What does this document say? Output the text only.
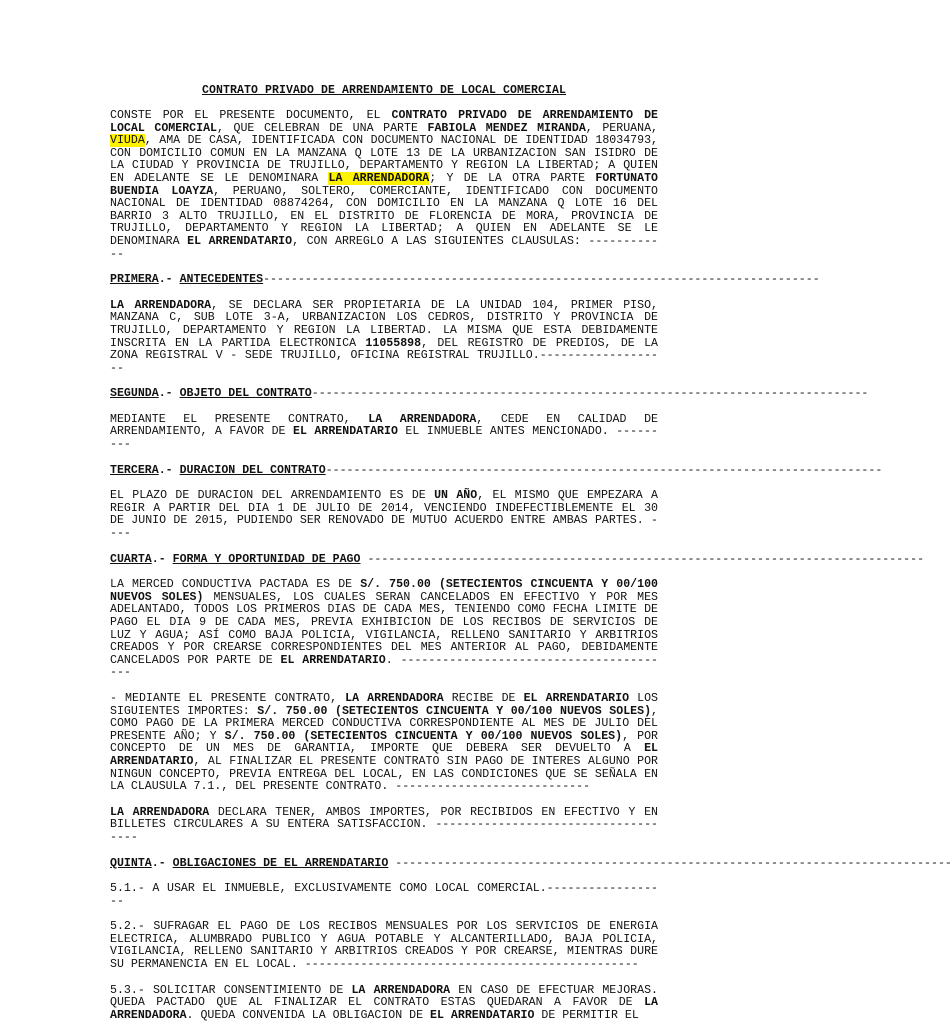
CONTRATO PRIVADO DE ARRENDAMIENTO DE LOCAL COMERCIAL
CONSTE POR EL PRESENTE DOCUMENTO, EL CONTRATO PRIVADO DE ARRENDAMIENTO DE LOCAL COMERCIAL, QUE CELEBRAN DE UNA PARTE FABIOLA MENDEZ MIRANDA, PERUANA, VIUDA, AMA DE CASA, IDENTIFICADA CON DOCUMENTO NACIONAL DE IDENTIDAD 18034793, CON DOMICILIO COMUN EN LA MANZANA Q LOTE 13 DE LA URBANIZACION SAN ISIDRO DE LA CIUDAD Y PROVINCIA DE TRUJILLO, DEPARTAMENTO Y REGION LA LIBERTAD; A QUIEN EN ADELANTE SE LE DENOMINARA LA ARRENDADORA; Y DE LA OTRA PARTE FORTUNATO BUENDIA LOAYZA, PERUANO, SOLTERO, COMERCIANTE, IDENTIFICADO CON DOCUMENTO NACIONAL DE IDENTIDAD 08874264, CON DOMICILIO EN LA MANZANA Q LOTE 16 DEL BARRIO 3 ALTO TRUJILLO, EN EL DISTRITO DE FLORENCIA DE MORA, PROVINCIA DE TRUJILLO, DEPARTAMENTO Y REGION LA LIBERTAD; A QUIEN EN ADELANTE SE LE DENOMINARA EL ARRENDATARIO, CON ARREGLO A LAS SIGUIENTES CLAUSULAS: ------------
PRIMERA.- ANTECEDENTES--------------------------------------------------------------------------------
LA ARRENDADORA, SE DECLARA SER PROPIETARIA DE LA UNIDAD 104, PRIMER PISO, MANZANA C, SUB LOTE 3-A, URBANIZACION LOS CEDROS, DISTRITO Y PROVINCIA DE TRUJILLO, DEPARTAMENTO Y REGION LA LIBERTAD. LA MISMA QUE ESTA DEBIDAMENTE INSCRITA EN LA PARTIDA ELECTRONICA 11055898, DEL REGISTRO DE PREDIOS, DE LA ZONA REGISTRAL V - SEDE TRUJILLO, OFICINA REGISTRAL TRUJILLO.-------------------
SEGUNDA.- OBJETO DEL CONTRATO--------------------------------------------------------------------------------
MEDIANTE EL PRESENTE CONTRATO, LA ARRENDADORA, CEDE EN CALIDAD DE ARRENDAMIENTO, A FAVOR DE EL ARRENDATARIO EL INMUEBLE ANTES MENCIONADO. ---------
TERCERA.- DURACION DEL CONTRATO--------------------------------------------------------------------------------
EL PLAZO DE DURACION DEL ARRENDAMIENTO ES DE UN AÑO, EL MISMO QUE EMPEZARA A REGIR A PARTIR DEL DIA 1 DE JULIO DE 2014, VENCIENDO INDEFECTIBLEMENTE EL 30 DE JUNIO DE 2015, PUDIENDO SER RENOVADO DE MUTUO ACUERDO ENTRE AMBAS PARTES. ----
CUARTA.- FORMA Y OPORTUNIDAD DE PAGO --------------------------------------------------------------------------------
LA MERCED CONDUCTIVA PACTADA ES DE S/. 750.00 (SETECIENTOS CINCUENTA Y 00/100 NUEVOS SOLES) MENSUALES, LOS CUALES SERAN CANCELADOS EN EFECTIVO Y POR MES ADELANTADO, TODOS LOS PRIMEROS DIAS DE CADA MES, TENIENDO COMO FECHA LIMITE DE PAGO EL DIA 9 DE CADA MES, PREVIA EXHIBICION DE LOS RECIBOS DE SERVICIOS DE LUZ Y AGUA; ASÍ COMO BAJA POLICIA, VIGILANCIA, RELLENO SANITARIO Y ARBITRIOS CREADOS Y POR CREARSE CORRESPONDIENTES DEL MES ANTERIOR AL PAGO, DEBIDAMENTE CANCELADOS POR PARTE DE EL ARRENDATARIO. ----------------------------------------
- MEDIANTE EL PRESENTE CONTRATO, LA ARRENDADORA RECIBE DE EL ARRENDATARIO LOS SIGUIENTES IMPORTES: S/. 750.00 (SETECIENTOS CINCUENTA Y 00/100 NUEVOS SOLES), COMO PAGO DE LA PRIMERA MERCED CONDUCTIVA CORRESPONDIENTE AL MES DE JULIO DEL PRESENTE AÑO; Y S/. 750.00 (SETECIENTOS CINCUENTA Y 00/100 NUEVOS SOLES), POR CONCEPTO DE UN MES DE GARANTIA, IMPORTE QUE DEBERA SER DEVUELTO A EL ARRENDATARIO, AL FINALIZAR EL PRESENTE CONTRATO SIN PAGO DE INTERES ALGUNO POR NINGUN CONCEPTO, PREVIA ENTREGA DEL LOCAL, EN LAS CONDICIONES QUE SE SEÑALA EN LA CLAUSULA 7.1., DEL PRESENTE CONTRATO. ----------------------------
LA ARRENDADORA DECLARA TENER, AMBOS IMPORTES, POR RECIBIDOS EN EFECTIVO Y EN BILLETES CIRCULARES A SU ENTERA SATISFACCION. ------------------------------------
QUINTA.- OBLIGACIONES DE EL ARRENDATARIO --------------------------------------------------------------------------------
5.1.- A USAR EL INMUEBLE, EXCLUSIVAMENTE COMO LOCAL COMERCIAL.------------------
5.2.- SUFRAGAR EL PAGO DE LOS RECIBOS MENSUALES POR LOS SERVICIOS DE ENERGIA ELECTRICA, ALUMBRADO PUBLICO Y AGUA POTABLE Y ALCANTERILLADO, BAJA POLICIA, VIGILANCIA, RELLENO SANITARIO Y ARBITRIOS CREADOS Y POR CREARSE, MIENTRAS DURE SU PERMANENCIA EN EL LOCAL. ------------------------------------------------
5.3.- SOLICITAR CONSENTIMIENTO DE LA ARRENDADORA EN CASO DE EFECTUAR MEJORAS. QUEDA PACTADO QUE AL FINALIZAR EL CONTRATO ESTAS QUEDARAN A FAVOR DE LA ARRENDADORA. QUEDA CONVENIDA LA OBLIGACION DE EL ARRENDATARIO DE PERMITIR EL
